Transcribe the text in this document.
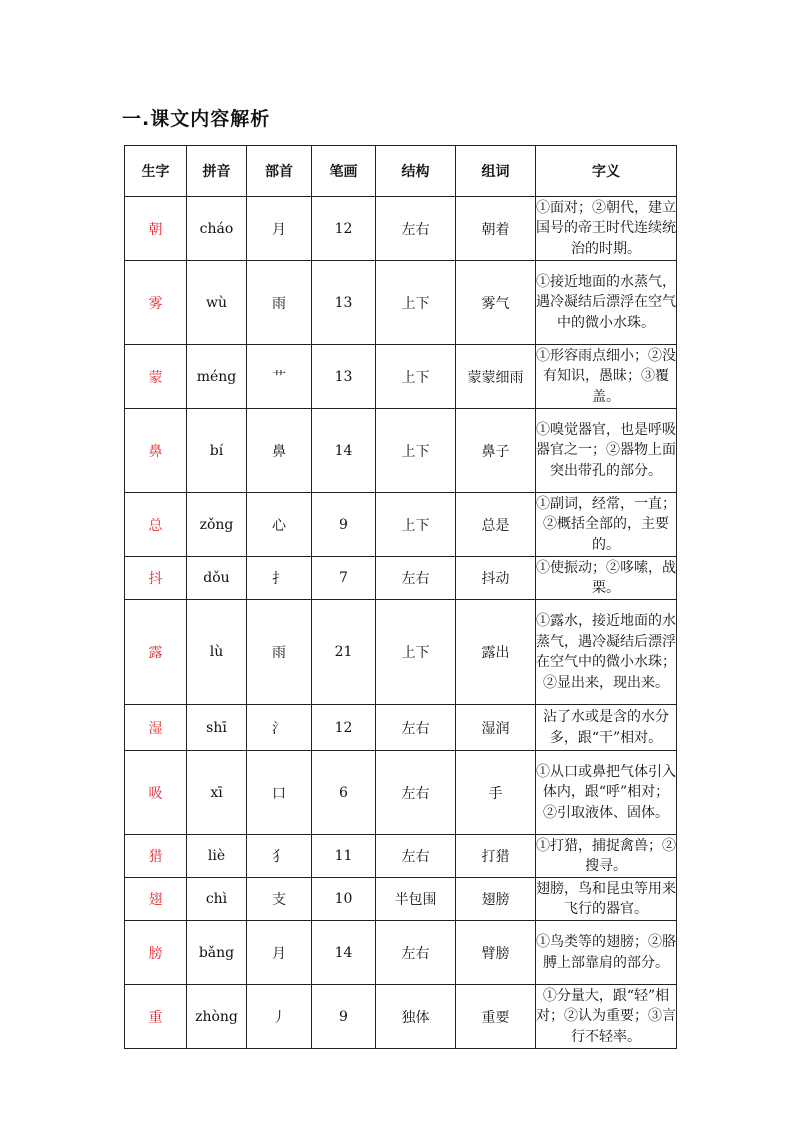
一.课文内容解析
生字	拼音	部首	笔画	结构	组词	字义
朝	cháo	月	12	左右	朝着	①面对；②朝代，建立国号的帝王时代连续统治的时期。
雾	wù	雨	13	上下	雾气	①接近地面的水蒸气，遇冷凝结后漂浮在空气中的微小水珠。
蒙	méng	艹	13	上下	蒙蒙细雨	①形容雨点细小；②没有知识，愚昧；③覆盖。
鼻	bí	鼻	14	上下	鼻子	①嗅觉器官，也是呼吸器官之一；②器物上面突出带孔的部分。
总	zǒng	心	9	上下	总是	①副词，经常，一直；②概括全部的，主要的。
抖	dǒu	扌	7	左右	抖动	①使振动；②哆嗦，战栗。
露	lù	雨	21	上下	露出	①露水，接近地面的水蒸气，遇冷凝结后漂浮在空气中的微小水珠；②显出来，现出来。
湿	shī	氵	12	左右	湿润	沾了水或是含的水分多，跟“干”相对。
吸	xī	口	6	左右	手	①从口或鼻把气体引入体内，跟“呼”相对；②引取液体、固体。
猎	liè	犭	11	左右	打猎	①打猎，捕捉禽兽；②搜寻。
翅	chì	支	10	半包围	翅膀	翅膀，鸟和昆虫等用来飞行的器官。
膀	bǎng	月	14	左右	臂膀	①鸟类等的翅膀；②胳膊上部靠肩的部分。
重	zhòng	丿	9	独体	重要	①分量大，跟“轻”相对；②认为重要；③言行不轻率。
